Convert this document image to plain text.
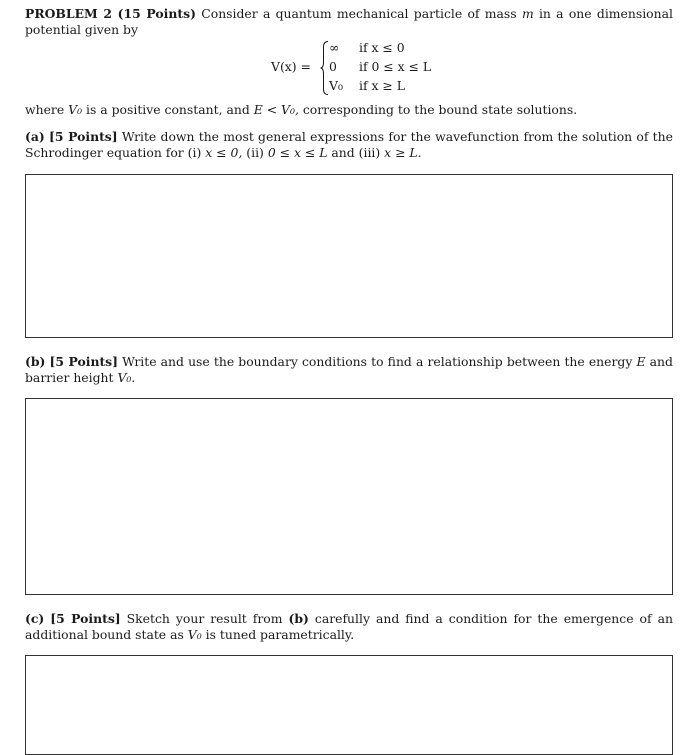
PROBLEM 2 (15 Points) Consider a quantum mechanical particle of mass m in a one dimensional potential given by

V(x) =
∞	if x ≤ 0
0	if 0 ≤ x ≤ L
V₀	if x ≥ L

where V₀ is a positive constant, and E < V₀, corresponding to the bound state solutions.

(a) [5 Points] Write down the most general expressions for the wavefunction from the solution of the Schrodinger equation for (i) x ≤ 0, (ii) 0 ≤ x ≤ L and (iii) x ≥ L.

(b) [5 Points] Write and use the boundary conditions to find a relationship between the energy E and barrier height V₀.

(c) [5 Points] Sketch your result from (b) carefully and find a condition for the emergence of an additional bound state as V₀ is tuned parametrically.
